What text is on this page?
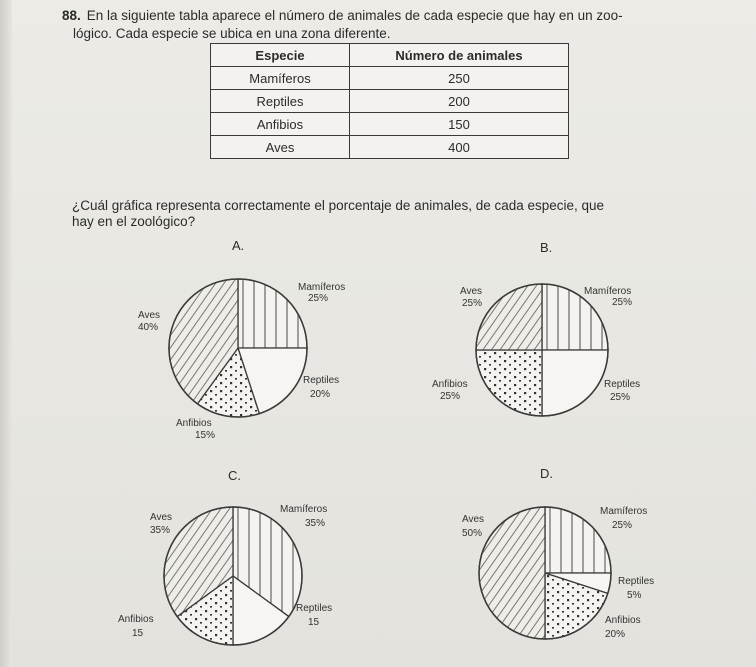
88. En la siguiente tabla aparece el número de animales de cada especie que hay en un zoo-
lógico. Cada especie se ubica en una zona diferente.
Especie	Número de animales
Mamíferos	250
Reptiles	200
Anfibios	150
Aves	400
¿Cuál gráfica representa correctamente el porcentaje de animales, de cada especie, que
hay en el zoológico?
A.	B.
C.	D.
Mamíferos
25%
Aves
40%
Reptiles
20%
Anfibios
15%
Aves
25%
Mamíferos
25%
Anfibios
25%
Reptiles
25%
Aves
35%
Mamíferos
35%
Reptiles
15
Anfibios
15
Aves
50%
Mamíferos
25%
Reptiles
5%
Anfibios
20%
